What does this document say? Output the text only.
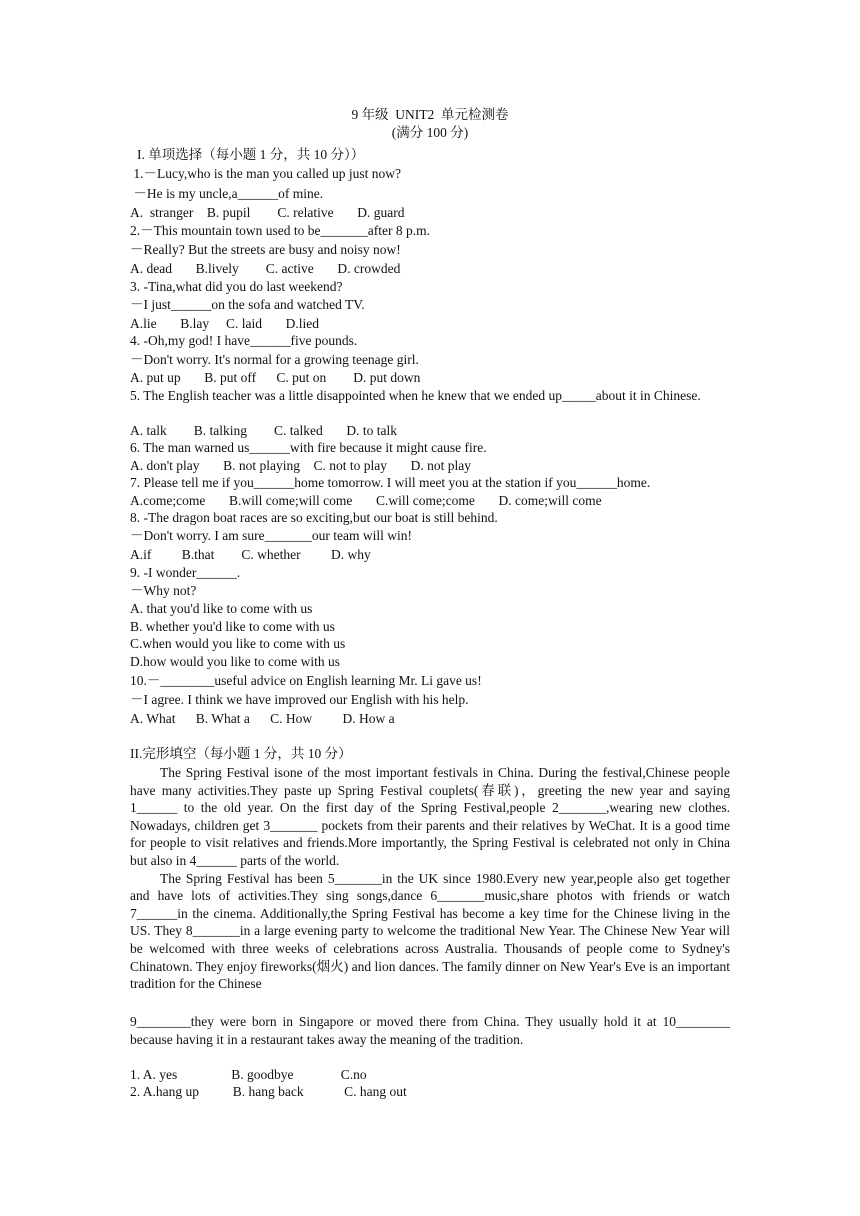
9 年级  UNIT2  单元检测卷
(满分 100 分)
I. 单项选择（每小题 1 分，共 10 分））
1.－Lucy,who is the man you called up just now?
－He is my uncle,a______of mine.
A.  stranger    B. pupil        C. relative       D. guard
2.－This mountain town used to be_______after 8 p.m.
－Really? But the streets are busy and noisy now!
A. dead       B.lively        C. active       D. crowded
3. -Tina,what did you do last weekend?
－I just______on the sofa and watched TV.
A.lie       B.lay     C. laid       D.lied
4. -Oh,my god! I have______five pounds.
－Don't worry. It's normal for a growing teenage girl.
A. put up       B. put off      C. put on        D. put down
5. The English teacher was a little disappointed when he knew that we ended up_____about it in Chinese.
A. talk        B. talking        C. talked       D. to talk
6. The man warned us______with fire because it might cause fire.
A. don't play       B. not playing    C. not to play       D. not play
7. Please tell me if you______home tomorrow. I will meet you at the station if you______home.
A.come;come       B.will come;will come       C.will come;come       D. come;will come
8. -The dragon boat races are so exciting,but our boat is still behind.
－Don't worry. I am sure_______our team will win!
A.if         B.that        C. whether         D. why
9. -I wonder______.
－Why not?
A. that you'd like to come with us
B. whether you'd like to come with us
C.when would you like to come with us
D.how would you like to come with us
10.－________useful advice on English learning Mr. Li gave us!
－I agree. I think we have improved our English with his help.
A. What      B. What a      C. How         D. How a
II.完形填空（每小题 1 分，共 10 分）
The Spring Festival isone of the most important festivals in China. During the festival,Chinese people have many activities.They paste up Spring Festival couplets(春联)，greeting the new year and saying 1______ to the old year. On the first day of the Spring Festival,people 2_______,wearing new clothes. Nowadays, children get 3_______ pockets from their parents and their relatives by WeChat. It is a good time for people to visit relatives and friends.More importantly, the Spring Festival is celebrated not only in China but also in 4______ parts of the world.
The Spring Festival has been 5_______in the UK since 1980.Every new year,people also get together and have lots of activities.They sing songs,dance 6_______music,share photos with friends or watch 7______in the cinema. Additionally,the Spring Festival has become a key time for the Chinese living in the US. They 8_______in a large evening party to welcome the traditional New Year. The Chinese New Year will be welcomed with three weeks of celebrations across Australia. Thousands of people come to Sydney's Chinatown. They enjoy fireworks(烟火) and lion dances. The family dinner on New Year's Eve is an important tradition for the Chinese
9________they were born in Singapore or moved there from China. They usually hold it at 10________ because having it in a restaurant takes away the meaning of the tradition.
1. A. yes                B. goodbye              C.no
2. A.hang up          B. hang back            C. hang out
